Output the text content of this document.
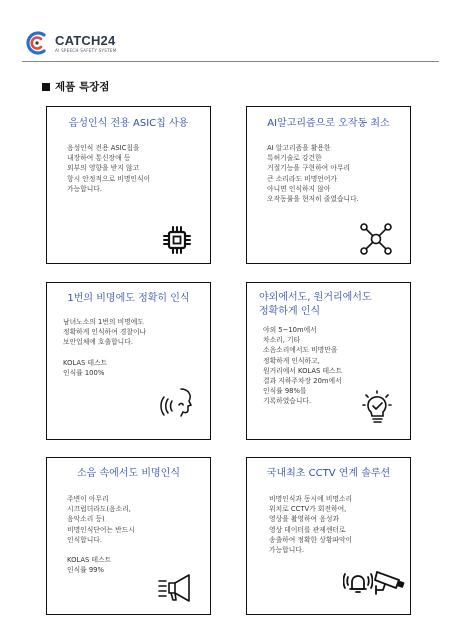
CATCH24
AI SPEECH SAFETY SYSTEM
제품 특장점
음성인식 전용 ASIC칩 사용
음성인식 전용 ASIC칩을
내장하여 통신장애 등
외부의 영향을 받지 않고
항시 안정적으로 비명인식이
가능합니다.
AI알고리즘으로 오작동 최소
AI 알고리즘을 활용한
특허기술로 강건한
거절기능을 구현하여 아무리
큰 소리라도 비명언어가
아니면 인식하지 않아
오작동률을 현저히 줄였습니다.
1번의 비명에도 정확히 인식
남녀노소의 1번의 비명에도
정확하게 인식하여 경찰이나
보안업체에 호출합니다.

KOLAS 테스트
인식률 100%
야외에서도, 원거리에서도
정확하게 인식
야외 5~10m에서
차소리, 기타
소음소리에서도 비명만을
정확하게 인식하고,
원거리에서 KOLAS 테스트
결과 지하주차장 20m에서
인식률 98%를
기록하였습니다.
소음 속에서도 비명인식
주변이 아무리
시끄럽더라도(음소리,
음악소리 등)
비명인식단어는 반드시
인식합니다.

KOLAS 테스트
인식률 99%
국내최초 CCTV 연계 솔루션
비명인식과 동시에 비명소리
위치로 CCTV가 회전하여,
영상을 촬영하여 음성과
영상 데이터를 관제센터로
송출하여 정확한 상황파악이
가능합니다.
